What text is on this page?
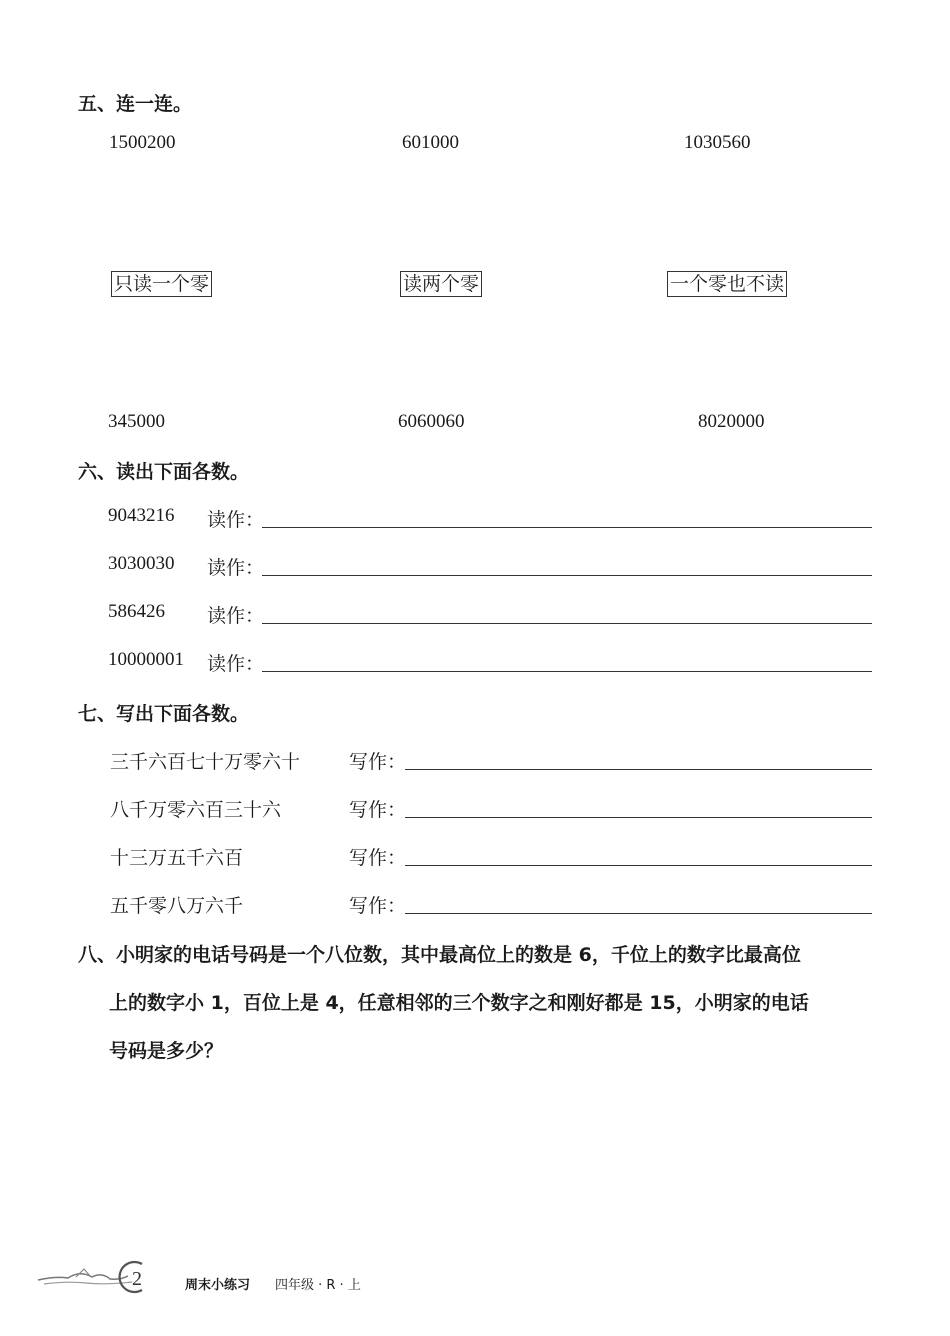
五、连一连。
1500200	601000	1030560
只读一个零	读两个零	一个零也不读
345000	6060060	8020000
六、读出下面各数。
9043216 读作：
3030030 读作：
586426 读作：
10000001 读作：
七、写出下面各数。
三千六百七十万零六十	写作：
八千万零六百三十六	写作：
十三万五千六百	写作：
五千零八万六千	写作：
八、小明家的电话号码是一个八位数，其中最高位上的数是 6，千位上的数字比最高位
上的数字小 1，百位上是 4，任意相邻的三个数字之和刚好都是 15，小明家的电话
号码是多少？
2	周末小练习 四年级 · R · 上
